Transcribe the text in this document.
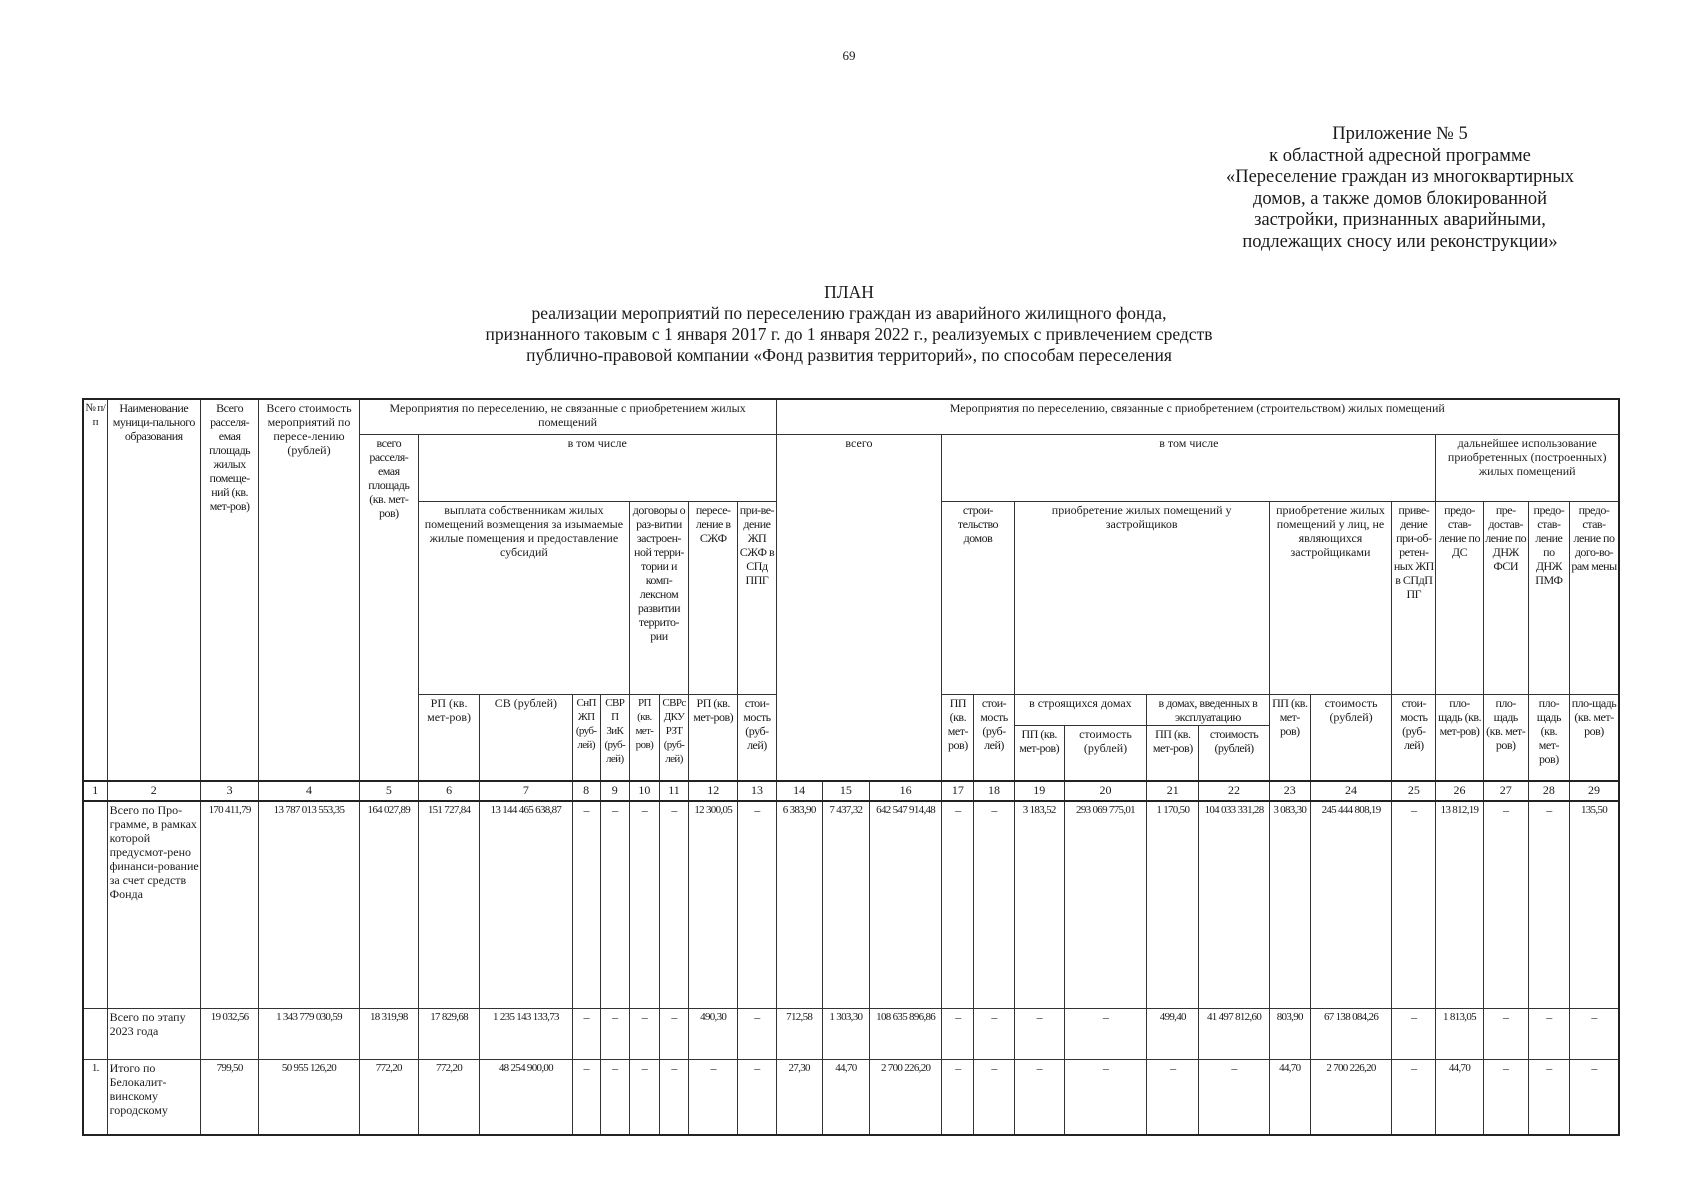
69
Приложение № 5
к областной адресной программе
«Переселение граждан из многоквартирных
домов, а также домов блокированной
застройки, признанных аварийными,
подлежащих сносу или реконструкции»
ПЛАН
реализации мероприятий по переселению граждан из аварийного жилищного фонда,
признанного таковым с 1 января 2017 г. до 1 января 2022 г., реализуемых с привлечением средств
публично-правовой компании «Фонд развития территорий», по способам переселения
№ п/п	Наименование муници-пального образования	Всего расселя-емая площадь жилых помеще-ний (кв. мет-ров)	Всего стоимость мероприятий по пересе-лению (рублей)	Мероприятия по переселению, не связанные с приобретением жилых помещений									Мероприятия по переселению, связанные с приобретением (строительством) жилых помещений															
				всего расселя-емая площадь (кв. мет-ров)	в том числе								всего			в том числе									дальнейшее использование приобретенных (построенных) жилых помещений			
					выплата собственникам жилых помещений возмещения за изымаемые жилые помещения и предоставление субсидий				договоры о раз-витии застроен-ной терри-тории и комп-лексном развитии террито-рии		пересе-ление в СЖФ	при-ве-дение ЖП СЖФ в СПд ППГ				строи-тельство домов		приобретение жилых помещений у застройщиков				приобретение жилых помещений у лиц, не являющихся застройщиками		приве-дение при-об-ретен-ных ЖП в СПдП ПГ	предо-став-ление по ДС	пре-достав-ление по ДНЖ ФСИ	предо-став-ление по ДНЖ ПМФ	предо-став-ление по дого-во-рам мены
					РП (кв. мет-ров)	СВ (рублей)	СнП ЖП (руб-лей)	СВР П ЗиК (руб-лей)	РП (кв. мет-ров)	СВРс ДКУ РЗТ (руб-лей)	РП (кв. мет-ров)	стои-мость (руб-лей)				ПП (кв. мет-ров)	стои-мость (руб-лей)	в строящихся домах		в домах, введенных в эксплуатацию		ПП (кв. мет-ров)	стоимость (рублей)	стои-мость (руб-лей)	пло-щадь (кв. мет-ров)	пло-щадь (кв. мет-ров)	пло-щадь (кв. мет-ров)	пло-щадь (кв. мет-ров)
																		ПП (кв. мет-ров)	стоимость (рублей)	ПП (кв. мет-ров)	стоимость (рублей)							
1	2	3	4	5	6	7	8	9	10	11	12	13	14	15	16	17	18	19	20	21	22	23	24	25	26	27	28	29
	Всего по Про-грамме, в рамках которой предусмот-рено финанси-рование за счет средств Фонда	170 411,79	13 787 013 553,35	164 027,89	151 727,84	13 144 465 638,87	–	–	–	–	12 300,05	–	6 383,90	7 437,32	642 547 914,48	–	–	3 183,52	293 069 775,01	1 170,50	104 033 331,28	3 083,30	245 444 808,19	–	13 812,19	–	–	135,50
	Всего по этапу 2023 года	19 032,56	1 343 779 030,59	18 319,98	17 829,68	1 235 143 133,73	–	–	–	–	490,30	–	712,58	1 303,30	108 635 896,86	–	–	–	–	499,40	41 497 812,60	803,90	67 138 084,26	–	1 813,05	–	–	–
1.	Итого по Белокалит-винскому городскому	799,50	50 955 126,20	772,20	772,20	48 254 900,00	–	–	–	–	–	–	27,30	44,70	2 700 226,20	–	–	–	–	–	–	44,70	2 700 226,20	–	44,70	–	–	–
